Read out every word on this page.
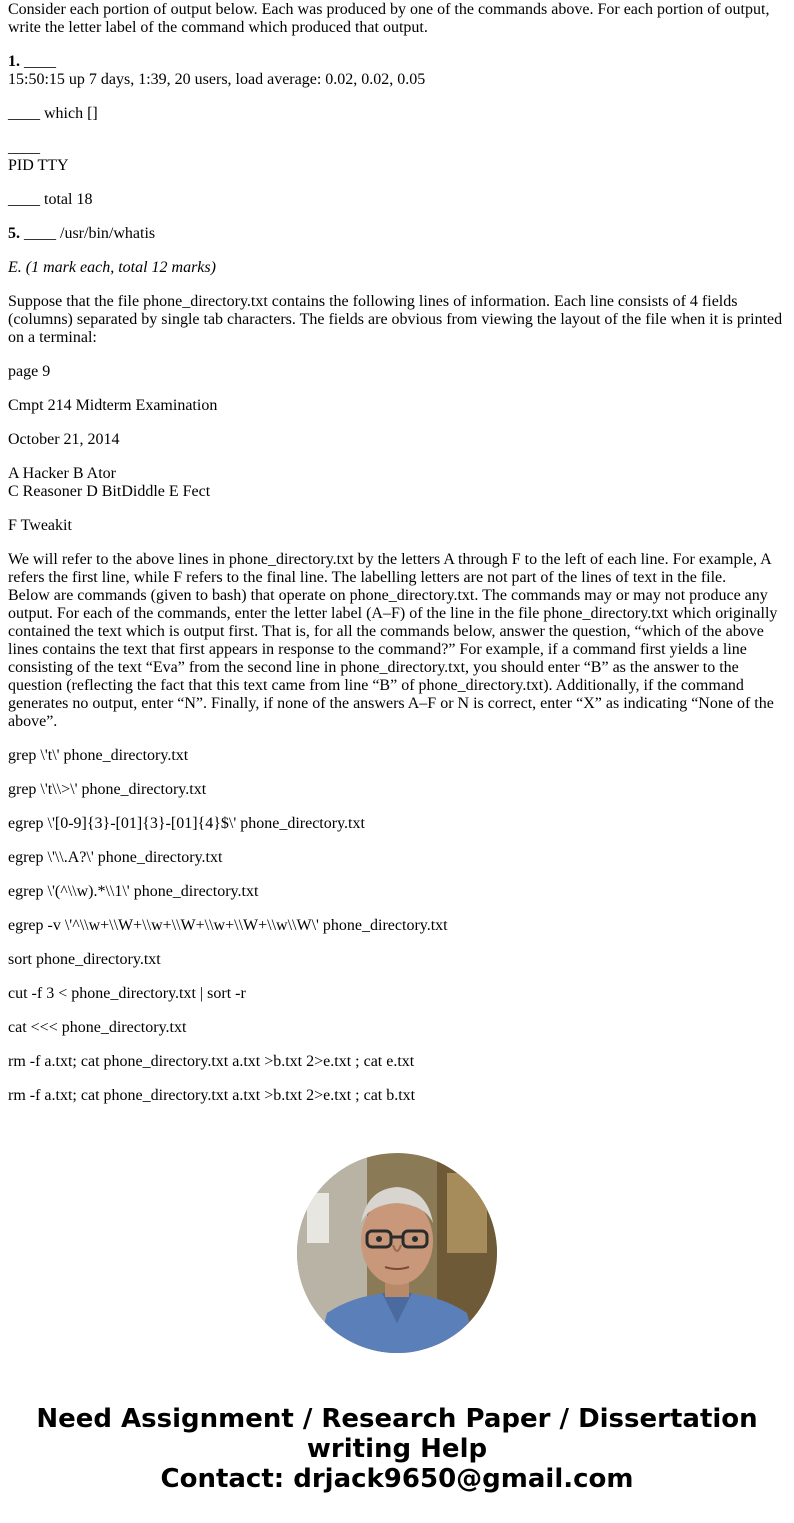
Consider each portion of output below. Each was produced by one of the commands above. For each portion of output, write the letter label of the command which produced that output.

1. ____
15:50:15 up 7 days, 1:39, 20 users, load average: 0.02, 0.02, 0.05

____ which []

____
PID TTY

____ total 18

5. ____ /usr/bin/whatis

E. (1 mark each, total 12 marks)

Suppose that the file phone_directory.txt contains the following lines of information. Each line consists of 4 fields (columns) separated by single tab characters. The fields are obvious from viewing the layout of the file when it is printed on a terminal:

page 9

Cmpt 214 Midterm Examination

October 21, 2014

A Hacker B Ator
C Reasoner D BitDiddle E Fect

F Tweakit

We will refer to the above lines in phone_directory.txt by the letters A through F to the left of each line. For example, A refers the first line, while F refers to the final line. The labelling letters are not part of the lines of text in the file.
Below are commands (given to bash) that operate on phone_directory.txt. The commands may or may not produce any output. For each of the commands, enter the letter label (A–F) of the line in the file phone_directory.txt which originally contained the text which is output first. That is, for all the commands below, answer the question, “which of the above lines contains the text that first appears in response to the command?” For example, if a command first yields a line consisting of the text “Eva” from the second line in phone_directory.txt, you should enter “B” as the answer to the question (reflecting the fact that this text came from line “B” of phone_directory.txt). Additionally, if the command generates no output, enter “N”. Finally, if none of the answers A–F or N is correct, enter “X” as indicating “None of the above”.

grep \'t\' phone_directory.txt

grep \'t\\>\' phone_directory.txt

egrep \'[0-9]{3}-[01]{3}-[01]{4}$\' phone_directory.txt

egrep \'\\.A?\' phone_directory.txt

egrep \'(^\\w).*\\1\' phone_directory.txt

egrep -v \'^\\w+\\W+\\w+\\W+\\w+\\W+\\w\\W\' phone_directory.txt

sort phone_directory.txt

cut -f 3 < phone_directory.txt | sort -r

cat <<< phone_directory.txt

rm -f a.txt; cat phone_directory.txt a.txt >b.txt 2>e.txt ; cat e.txt

rm -f a.txt; cat phone_directory.txt a.txt >b.txt 2>e.txt ; cat b.txt

Need Assignment / Research Paper / Dissertation
writing Help
Contact: drjack9650@gmail.com
